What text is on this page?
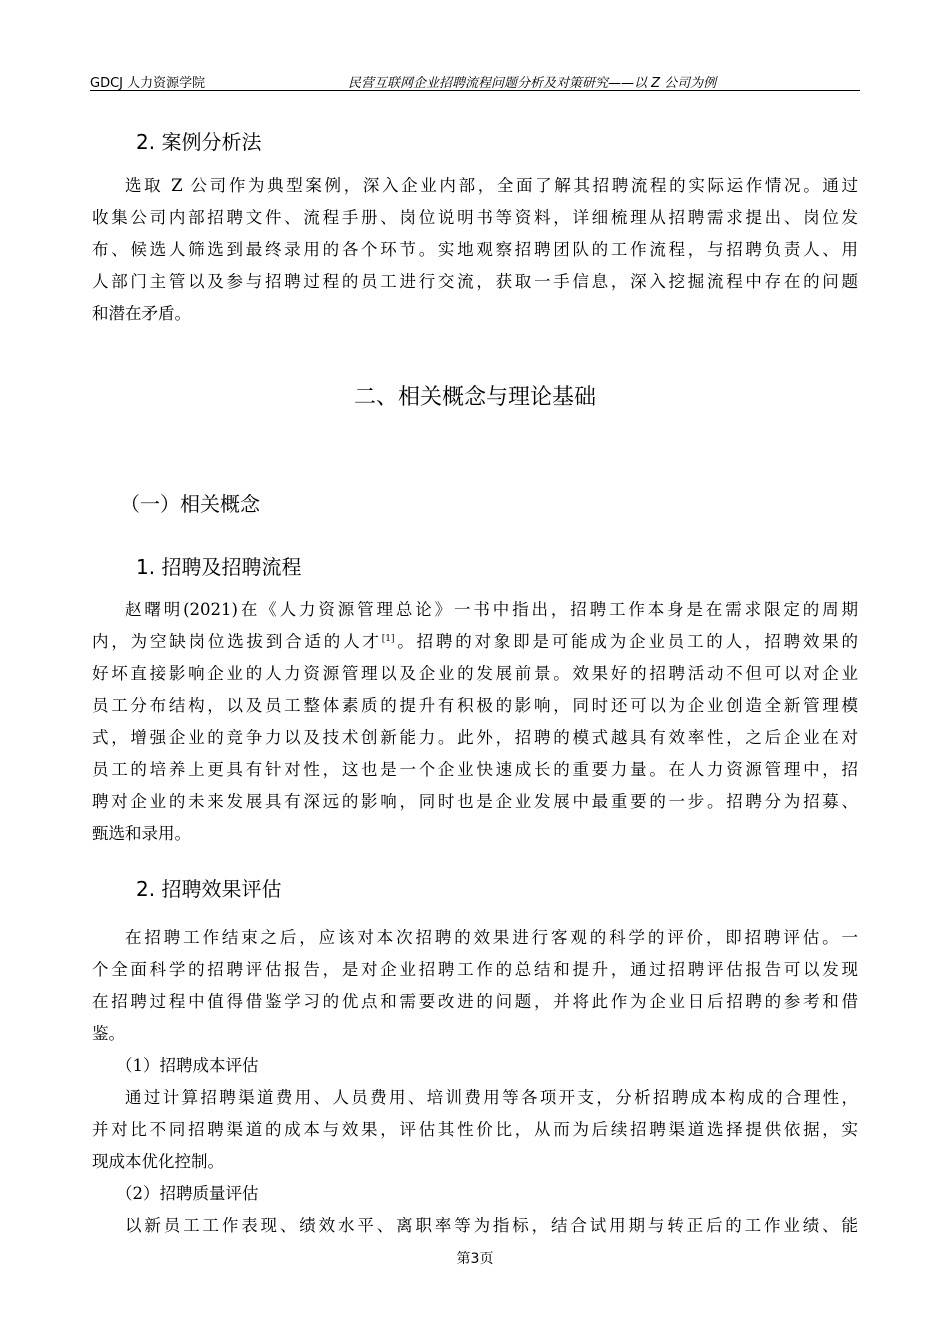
GDCJ 人力资源学院	民营互联网企业招聘流程问题分析及对策研究——以 Z 公司为例
2. 案例分析法
选取 Z 公司作为典型案例，深入企业内部，全面了解其招聘流程的实际运作情况。通过
收集公司内部招聘文件、流程手册、岗位说明书等资料，详细梳理从招聘需求提出、岗位发
布、候选人筛选到最终录用的各个环节。实地观察招聘团队的工作流程，与招聘负责人、用
人部门主管以及参与招聘过程的员工进行交流，获取一手信息，深入挖掘流程中存在的问题
和潜在矛盾。
二、相关概念与理论基础
（一）相关概念
1. 招聘及招聘流程
赵曙明(2021)在《人力资源管理总论》一书中指出，招聘工作本身是在需求限定的周期
内，为空缺岗位选拔到合适的人才[1]。招聘的对象即是可能成为企业员工的人，招聘效果的
好坏直接影响企业的人力资源管理以及企业的发展前景。效果好的招聘活动不但可以对企业
员工分布结构，以及员工整体素质的提升有积极的影响，同时还可以为企业创造全新管理模
式，增强企业的竞争力以及技术创新能力。此外，招聘的模式越具有效率性，之后企业在对
员工的培养上更具有针对性，这也是一个企业快速成长的重要力量。在人力资源管理中，招
聘对企业的未来发展具有深远的影响，同时也是企业发展中最重要的一步。招聘分为招募、
甄选和录用。
2. 招聘效果评估
在招聘工作结束之后，应该对本次招聘的效果进行客观的科学的评价，即招聘评估。一
个全面科学的招聘评估报告，是对企业招聘工作的总结和提升，通过招聘评估报告可以发现
在招聘过程中值得借鉴学习的优点和需要改进的问题，并将此作为企业日后招聘的参考和借
鉴。
（1）招聘成本评估
通过计算招聘渠道费用、人员费用、培训费用等各项开支，分析招聘成本构成的合理性，
并对比不同招聘渠道的成本与效果，评估其性价比，从而为后续招聘渠道选择提供依据，实
现成本优化控制。
（2）招聘质量评估
以新员工工作表现、绩效水平、离职率等为指标，结合试用期与转正后的工作业绩、能
第3页
